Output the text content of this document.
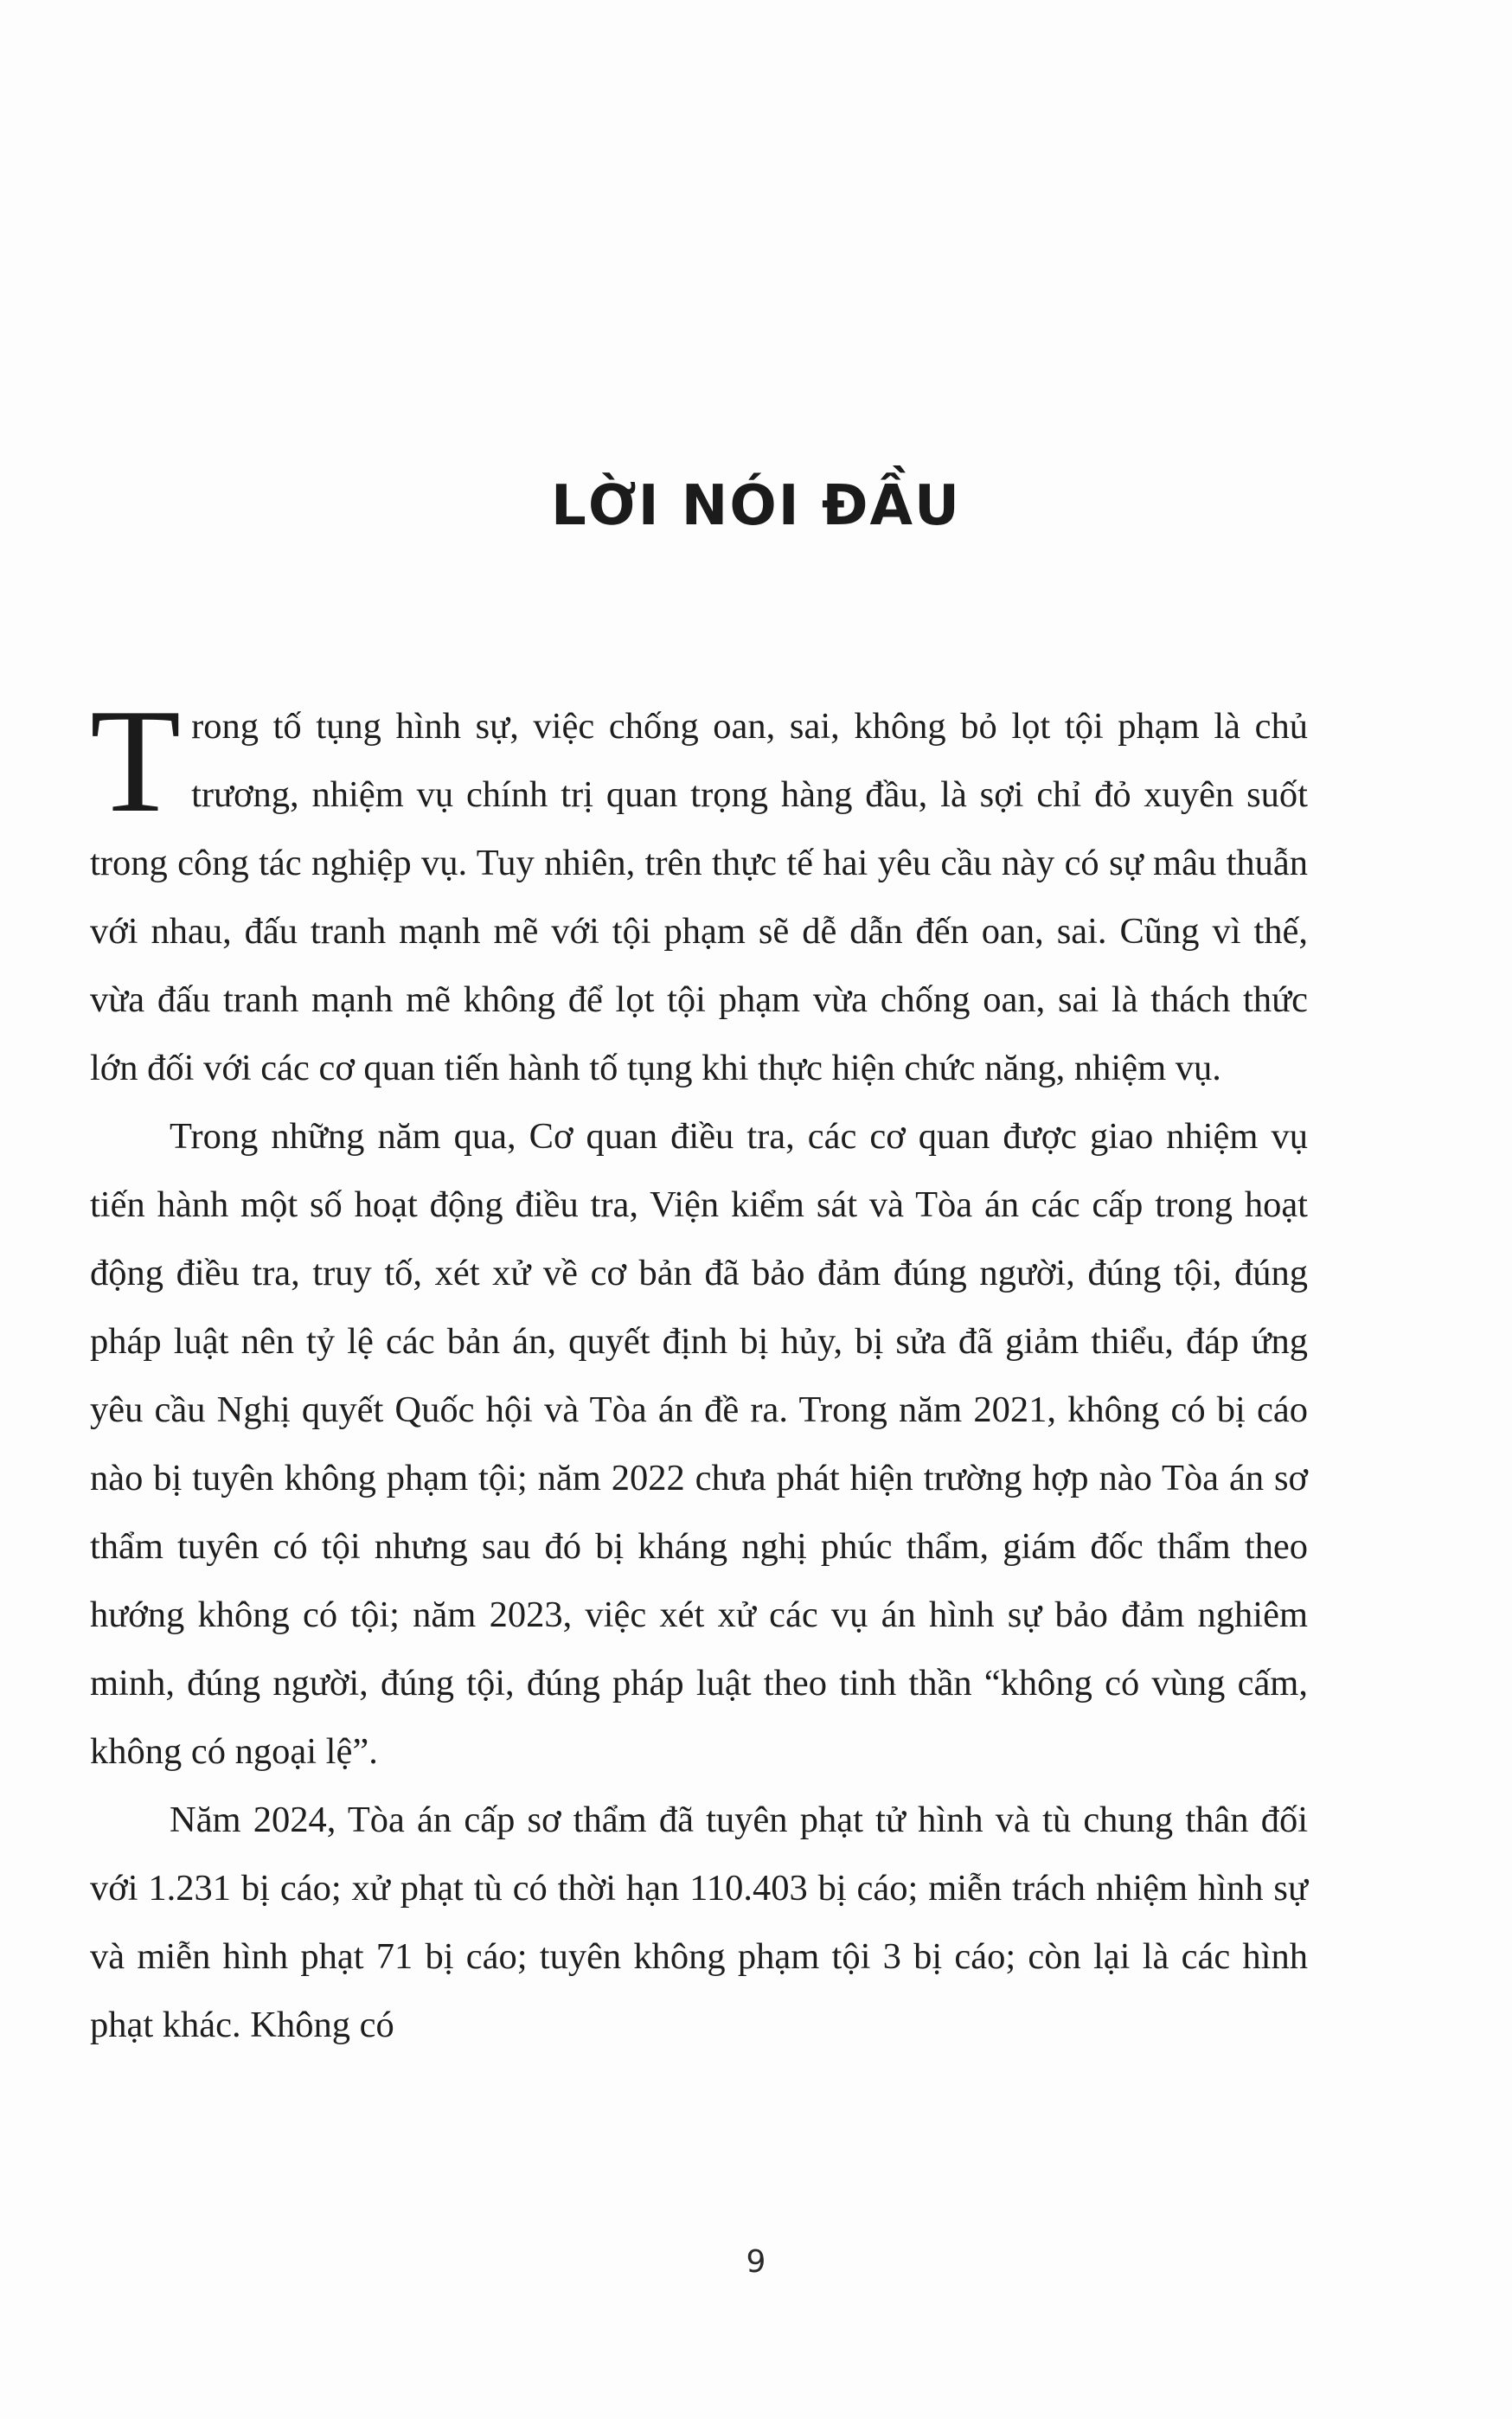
LỜI NÓI ĐẦU

Trong tố tụng hình sự, việc chống oan, sai, không bỏ lọt tội phạm là chủ trương, nhiệm vụ chính trị quan trọng hàng đầu, là sợi chỉ đỏ xuyên suốt trong công tác nghiệp vụ. Tuy nhiên, trên thực tế hai yêu cầu này có sự mâu thuẫn với nhau, đấu tranh mạnh mẽ với tội phạm sẽ dễ dẫn đến oan, sai. Cũng vì thế, vừa đấu tranh mạnh mẽ không để lọt tội phạm vừa chống oan, sai là thách thức lớn đối với các cơ quan tiến hành tố tụng khi thực hiện chức năng, nhiệm vụ.

Trong những năm qua, Cơ quan điều tra, các cơ quan được giao nhiệm vụ tiến hành một số hoạt động điều tra, Viện kiểm sát và Tòa án các cấp trong hoạt động điều tra, truy tố, xét xử về cơ bản đã bảo đảm đúng người, đúng tội, đúng pháp luật nên tỷ lệ các bản án, quyết định bị hủy, bị sửa đã giảm thiểu, đáp ứng yêu cầu Nghị quyết Quốc hội và Tòa án đề ra. Trong năm 2021, không có bị cáo nào bị tuyên không phạm tội; năm 2022 chưa phát hiện trường hợp nào Tòa án sơ thẩm tuyên có tội nhưng sau đó bị kháng nghị phúc thẩm, giám đốc thẩm theo hướng không có tội; năm 2023, việc xét xử các vụ án hình sự bảo đảm nghiêm minh, đúng người, đúng tội, đúng pháp luật theo tinh thần “không có vùng cấm, không có ngoại lệ”.

Năm 2024, Tòa án cấp sơ thẩm đã tuyên phạt tử hình và tù chung thân đối với 1.231 bị cáo; xử phạt tù có thời hạn 110.403 bị cáo; miễn trách nhiệm hình sự và miễn hình phạt 71 bị cáo; tuyên không phạm tội 3 bị cáo; còn lại là các hình phạt khác. Không có

9
